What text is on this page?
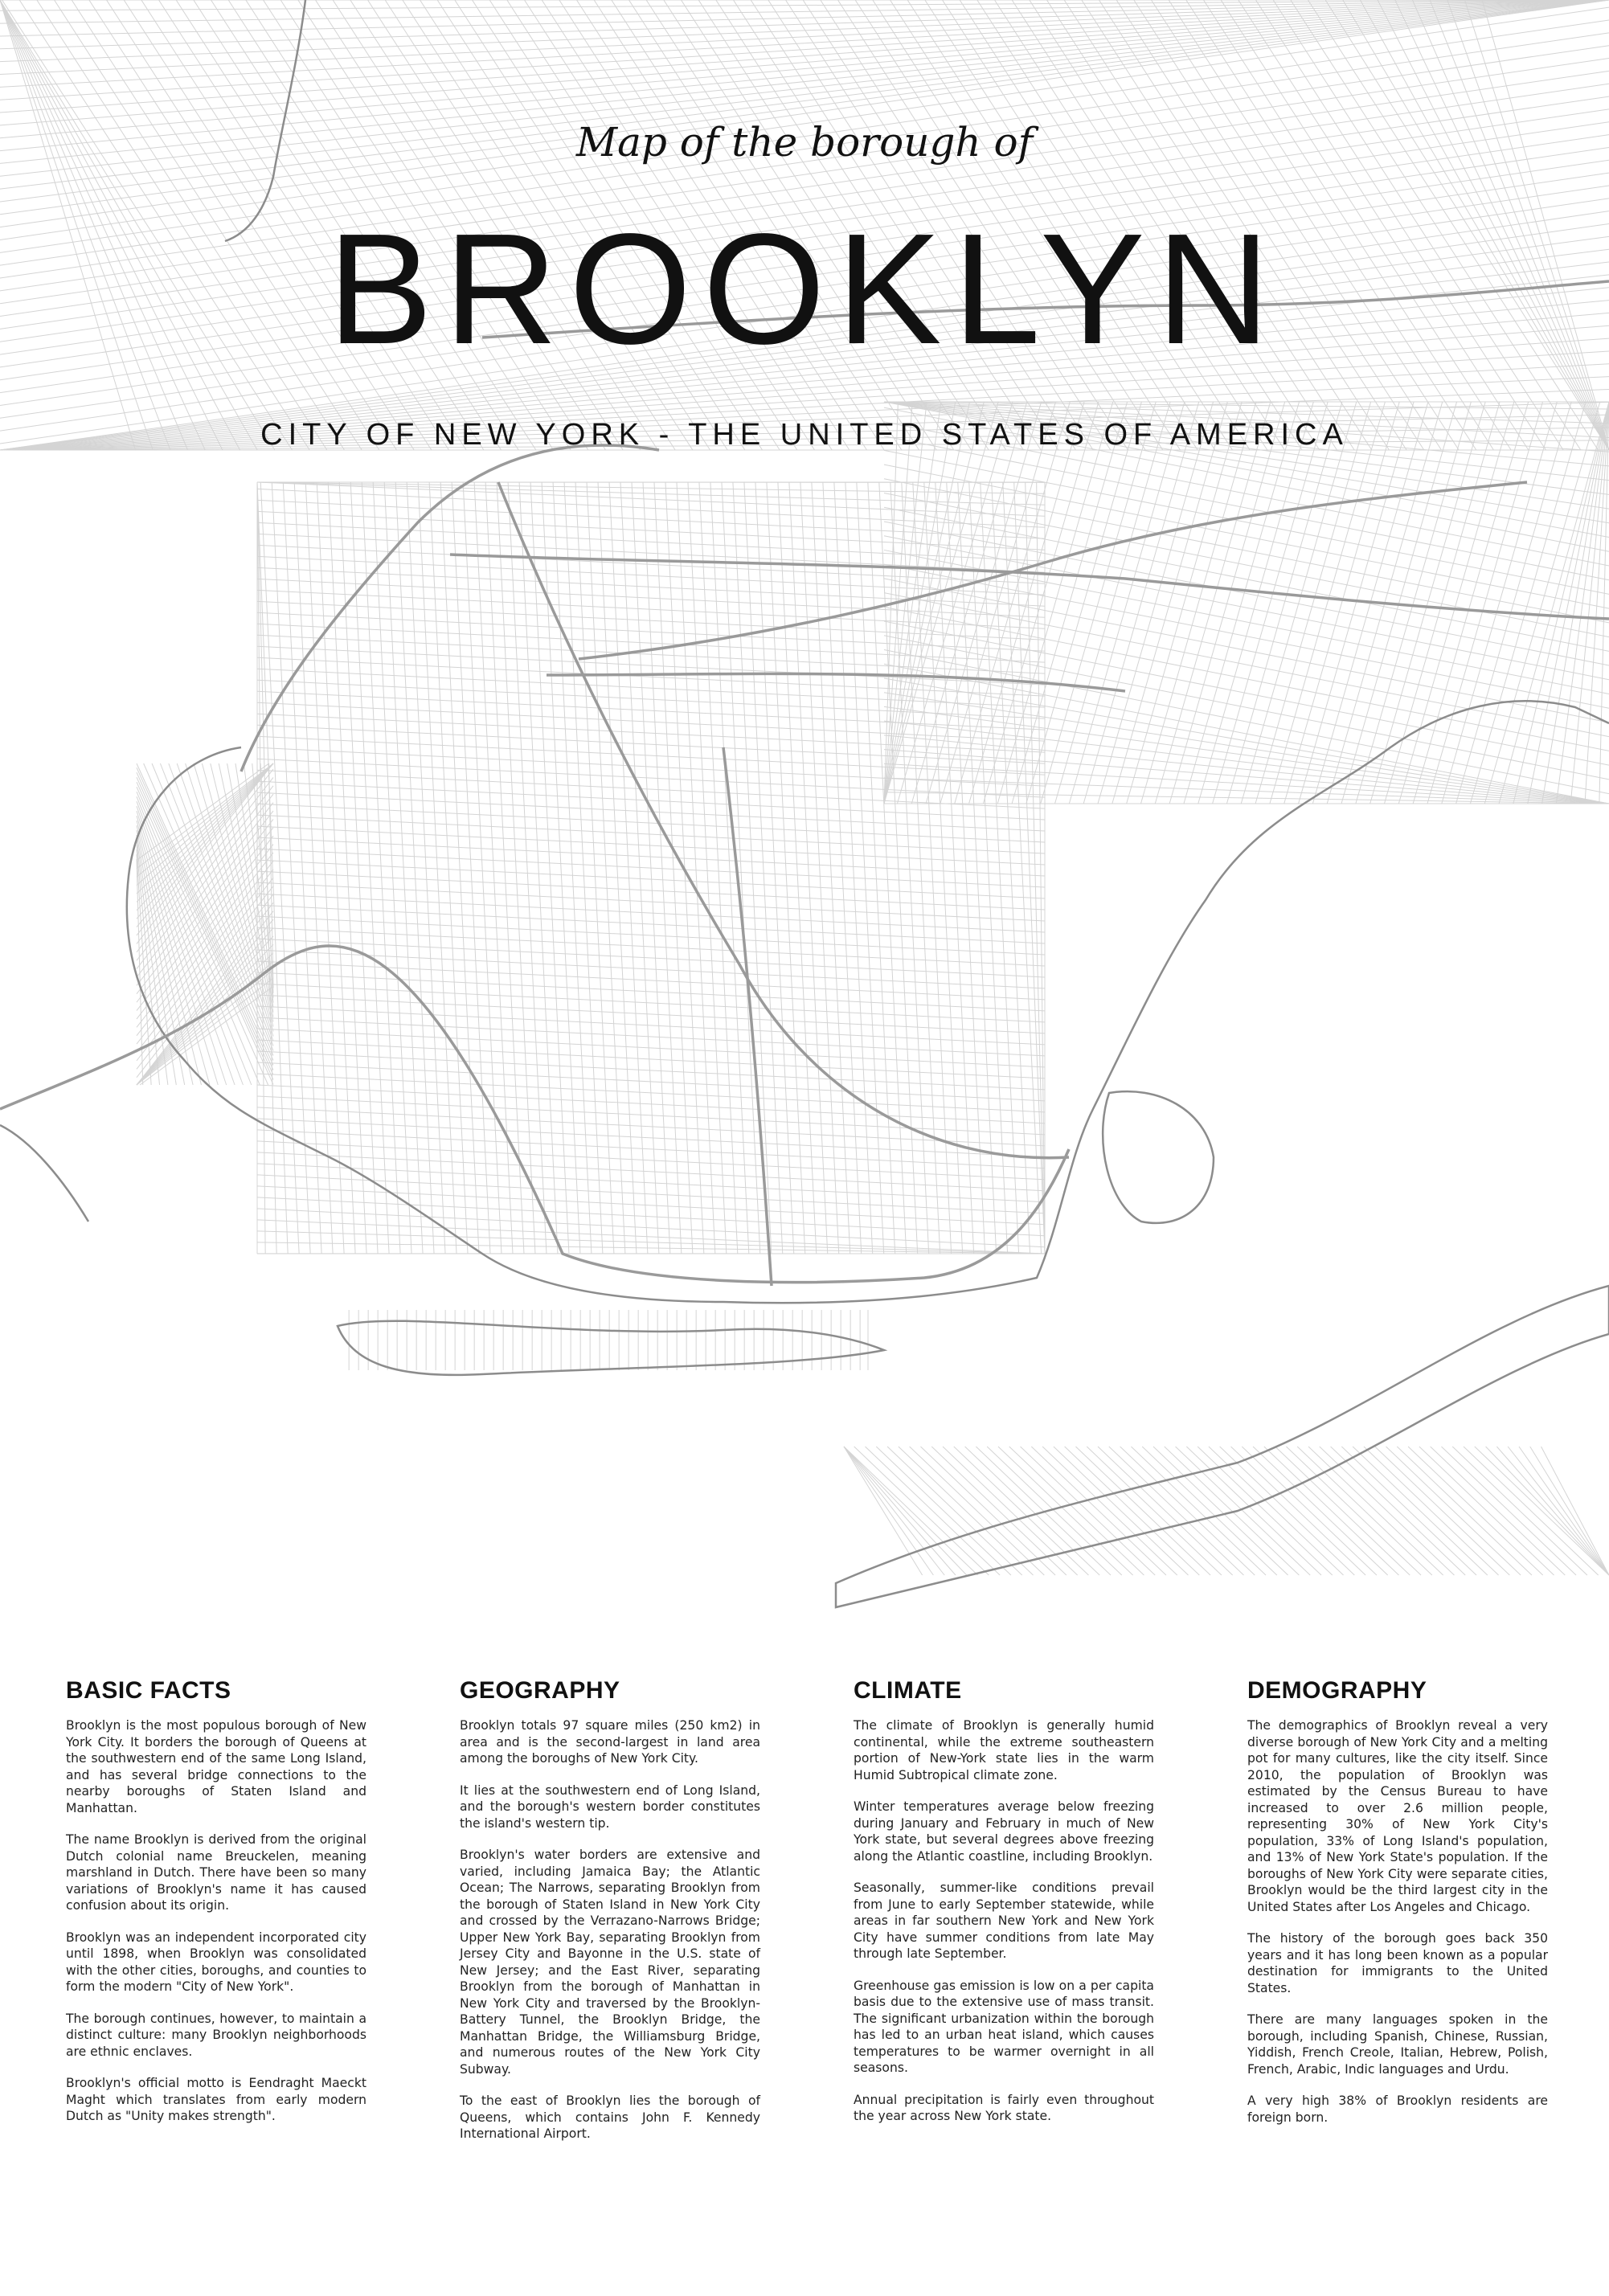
Map of the borough of
BROOKLYN
CITY OF NEW YORK - THE UNITED STATES OF AMERICA
BASIC FACTS

Brooklyn is the most populous borough of New York City. It borders the borough of Queens at the southwestern end of the same Long Island, and has several bridge connections to the nearby boroughs of Staten Island and Manhattan.

The name Brooklyn is derived from the original Dutch colonial name Breuckelen, meaning marshland in Dutch. There have been so many variations of Brooklyn's name it has caused confusion about its origin.

Brooklyn was an independent incorporated city until 1898, when Brooklyn was consolidated with the other cities, boroughs, and counties to form the modern "City of New York".

The borough continues, however, to maintain a distinct culture: many Brooklyn neighborhoods are ethnic enclaves.

Brooklyn's official motto is Eendraght Maeckt Maght which translates from early modern Dutch as "Unity makes strength".

GEOGRAPHY

Brooklyn totals 97 square miles (250 km2) in area and is the second-largest in land area among the boroughs of New York City.

It lies at the southwestern end of Long Island, and the borough's western border constitutes the island's western tip.

Brooklyn's water borders are extensive and varied, including Jamaica Bay; the Atlantic Ocean; The Narrows, separating Brooklyn from the borough of Staten Island in New York City and crossed by the Verrazano-Narrows Bridge; Upper New York Bay, separating Brooklyn from Jersey City and Bayonne in the U.S. state of New Jersey; and the East River, separating Brooklyn from the borough of Manhattan in New York City and traversed by the Brooklyn-Battery Tunnel, the Brooklyn Bridge, the Manhattan Bridge, the Williamsburg Bridge, and numerous routes of the New York City Subway.

To the east of Brooklyn lies the borough of Queens, which contains John F. Kennedy International Airport.

CLIMATE

The climate of Brooklyn is generally humid continental, while the extreme southeastern portion of New-York state lies in the warm Humid Subtropical climate zone.

Winter temperatures average below freezing during January and February in much of New York state, but several degrees above freezing along the Atlantic coastline, including Brooklyn.

Seasonally, summer-like conditions prevail from June to early September statewide, while areas in far southern New York and New York City have summer conditions from late May through late September.

Greenhouse gas emission is low on a per capita basis due to the extensive use of mass transit. The significant urbanization within the borough has led to an urban heat island, which causes temperatures to be warmer overnight in all seasons.

Annual precipitation is fairly even throughout the year across New York state.

DEMOGRAPHY

The demographics of Brooklyn reveal a very diverse borough of New York City and a melting pot for many cultures, like the city itself. Since 2010, the population of Brooklyn was estimated by the Census Bureau to have increased to over 2.6 million people, representing 30% of New York City's population, 33% of Long Island's population, and 13% of New York State's population. If the boroughs of New York City were separate cities, Brooklyn would be the third largest city in the United States after Los Angeles and Chicago.

The history of the borough goes back 350 years and it has long been known as a popular destination for immigrants to the United States.

There are many languages spoken in the borough, including Spanish, Chinese, Russian, Yiddish, French Creole, Italian, Hebrew, Polish, French, Arabic, Indic languages and Urdu.

A very high 38% of Brooklyn residents are foreign born.
